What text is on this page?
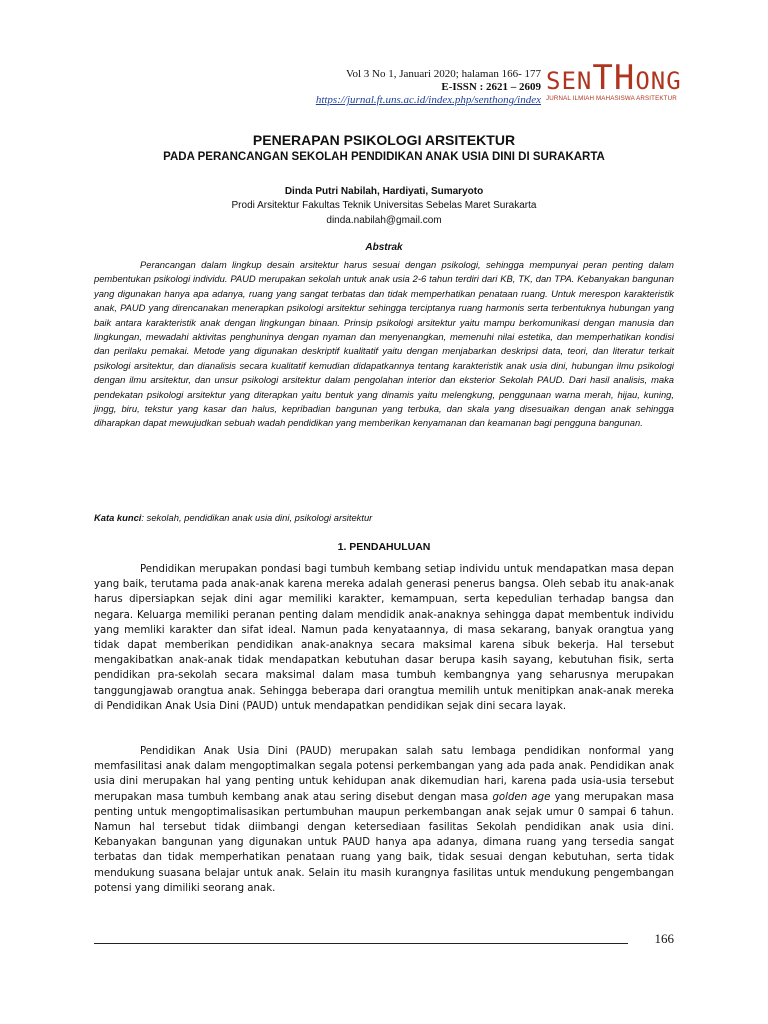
Vol 3 No 1, Januari 2020; halaman 166- 177
E-ISSN : 2621 – 2609
https://jurnal.ft.uns.ac.id/index.php/senthong/index
SENTHONG
JURNAL ILMIAH MAHASISWA ARSITEKTUR
PENERAPAN PSIKOLOGI ARSITEKTUR
PADA PERANCANGAN SEKOLAH PENDIDIKAN ANAK USIA DINI DI SURAKARTA
Dinda Putri Nabilah, Hardiyati, Sumaryoto
Prodi Arsitektur Fakultas Teknik Universitas Sebelas Maret Surakarta
dinda.nabilah@gmail.com
Abstrak

Perancangan dalam lingkup desain arsitektur harus sesuai dengan psikologi, sehingga mempunyai peran penting dalam pembentukan psikologi individu. PAUD merupakan sekolah untuk anak usia 2-6 tahun terdiri dari KB, TK, dan TPA. Kebanyakan bangunan yang digunakan hanya apa adanya, ruang yang sangat terbatas dan tidak memperhatikan penataan ruang. Untuk merespon karakteristik anak, PAUD yang direncanakan menerapkan psikologi arsitektur sehingga terciptanya ruang harmonis serta terbentuknya hubungan yang baik antara karakteristik anak dengan lingkungan binaan. Prinsip psikologi arsitektur yaitu mampu berkomunikasi dengan manusia dan lingkungan, mewadahi aktivitas penghuninya dengan nyaman dan menyenangkan, memenuhi nilai estetika, dan memperhatikan kondisi dan perilaku pemakai. Metode yang digunakan deskriptif kualitatif yaitu dengan menjabarkan deskripsi data, teori, dan literatur terkait psikologi arsitektur, dan dianalisis secara kualitatif kemudian didapatkannya tentang karakteristik anak usia dini, hubungan ilmu psikologi dengan ilmu arsitektur, dan unsur psikologi arsitektur dalam pengolahan interior dan eksterior Sekolah PAUD. Dari hasil analisis, maka pendekatan psikologi arsitektur yang diterapkan yaitu bentuk yang dinamis yaitu melengkung, penggunaan warna merah, hijau, kuning, jingg, biru, tekstur yang kasar dan halus, kepribadian bangunan yang terbuka, dan skala yang disesuaikan dengan anak sehingga diharapkan dapat mewujudkan sebuah wadah pendidikan yang memberikan kenyamanan dan keamanan bagi pengguna bangunan.

Kata kunci: sekolah, pendidikan anak usia dini, psikologi arsitektur
1. PENDAHULUAN

Pendidikan merupakan pondasi bagi tumbuh kembang setiap individu untuk mendapatkan masa depan yang baik, terutama pada anak-anak karena mereka adalah generasi penerus bangsa. Oleh sebab itu anak-anak harus dipersiapkan sejak dini agar memiliki karakter, kemampuan, serta kepedulian terhadap bangsa dan negara. Keluarga memiliki peranan penting dalam mendidik anak-anaknya sehingga dapat membentuk individu yang memliki karakter dan sifat ideal. Namun pada kenyataannya, di masa sekarang, banyak orangtua yang tidak dapat memberikan pendidikan anak-anaknya secara maksimal karena sibuk bekerja. Hal tersebut mengakibatkan anak-anak tidak mendapatkan kebutuhan dasar berupa kasih sayang, kebutuhan fisik, serta pendidikan pra-sekolah secara maksimal dalam masa tumbuh kembangnya yang seharusnya merupakan tanggungjawab orangtua anak. Sehingga beberapa dari orangtua memilih untuk menitipkan anak-anak mereka di Pendidikan Anak Usia Dini (PAUD) untuk mendapatkan pendidikan sejak dini secara layak.

Pendidikan Anak Usia Dini (PAUD) merupakan salah satu lembaga pendidikan nonformal yang memfasilitasi anak dalam mengoptimalkan segala potensi perkembangan yang ada pada anak. Pendidikan anak usia dini merupakan hal yang penting untuk kehidupan anak dikemudian hari, karena pada usia-usia tersebut merupakan masa tumbuh kembang anak atau sering disebut dengan masa golden age yang merupakan masa penting untuk mengoptimalisasikan pertumbuhan maupun perkembangan anak sejak umur 0 sampai 6 tahun. Namun hal tersebut tidak diimbangi dengan ketersediaan fasilitas Sekolah pendidikan anak usia dini. Kebanyakan bangunan yang digunakan untuk PAUD hanya apa adanya, dimana ruang yang tersedia sangat terbatas dan tidak memperhatikan penataan ruang yang baik, tidak sesuai dengan kebutuhan, serta tidak mendukung suasana belajar untuk anak. Selain itu masih kurangnya fasilitas untuk mendukung pengembangan potensi yang dimiliki seorang anak.

166
